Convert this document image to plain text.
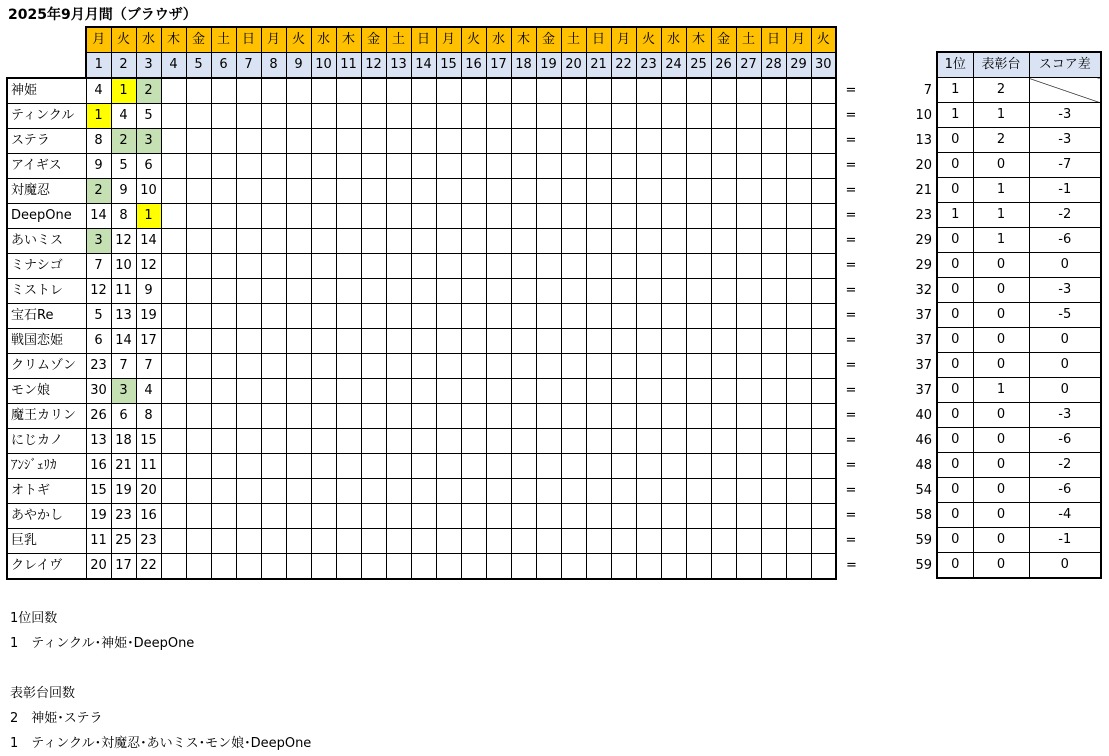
2025年9月月間（ブラウザ）
	月	火	水	木	金	土	日	月	火	水	木	金	土	日	月	火	水	木	金	土	日	月	火	水	木	金	土	日	月	火		
	1	2	3	4	5	6	7	8	9	10	11	12	13	14	15	16	17	18	19	20	21	22	23	24	25	26	27	28	29	30		
神姫	4	1	2																												=	7
ティンクル	1	4	5																												=	10
ステラ	8	2	3																												=	13
アイギス	9	5	6																												=	20
対魔忍	2	9	10																												=	21
DeepOne	14	8	1																												=	23
あいミス	3	12	14																												=	29
ミナシゴ	7	10	12																												=	29
ミストレ	12	11	9																												=	32
宝石Re	5	13	19																												=	37
戦国恋姫	6	14	17																												=	37
クリムゾン	23	7	7																												=	37
モン娘	30	3	4																												=	37
魔王カリン	26	6	8																												=	40
にじカノ	13	18	15																												=	46
ｱﾝｼﾞｪﾘｶ	16	21	11																												=	48
オトギ	15	19	20																												=	54
あやかし	19	23	16																												=	58
巨乳	11	25	23																												=	59
クレイヴ	20	17	22																												=	59
1位	表彰台	スコア差
1	2	
1	1	-3
0	2	-3
0	0	-7
0	1	-1
1	1	-2
0	1	-6
0	0	0
0	0	-3
0	0	-5
0	0	0
0	0	0
0	1	0
0	0	-3
0	0	-6
0	0	-2
0	0	-6
0	0	-4
0	0	-1
0	0	0
1位回数
1　ティンクル･神姫･DeepOne
表彰台回数
2　神姫･ステラ
1　ティンクル･対魔忍･あいミス･モン娘･DeepOne
